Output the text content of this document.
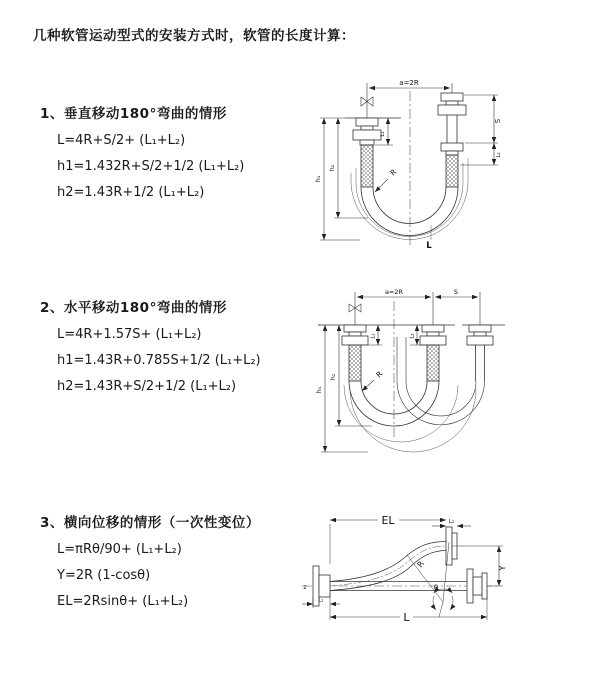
几种软管运动型式的安装方式时，软管的长度计算：
1、垂直移动180°弯曲的情形
L=4R+S/2+ (L₁+L₂)
h1=1.432R+S/2+1/2 (L₁+L₂)
h2=1.43R+1/2 (L₁+L₂)
2、水平移动180°弯曲的情形
L=4R+1.57S+ (L₁+L₂)
h1=1.43R+0.785S+1/2 (L₁+L₂)
h2=1.43R+S/2+1/2 (L₁+L₂)
3、横向位移的情形（一次性变位）
L=πRθ/90+ (L₁+L₂)
Y=2R (1-cosθ)
EL=2Rsinθ+ (L₁+L₂)
a=2R
L₁
S
L₂
h₁
h₂	R
L
a=2R	S
L₁	L₂
h₁
h₂	R
EL	L₂
Y
L
L₁
R
θ
z
